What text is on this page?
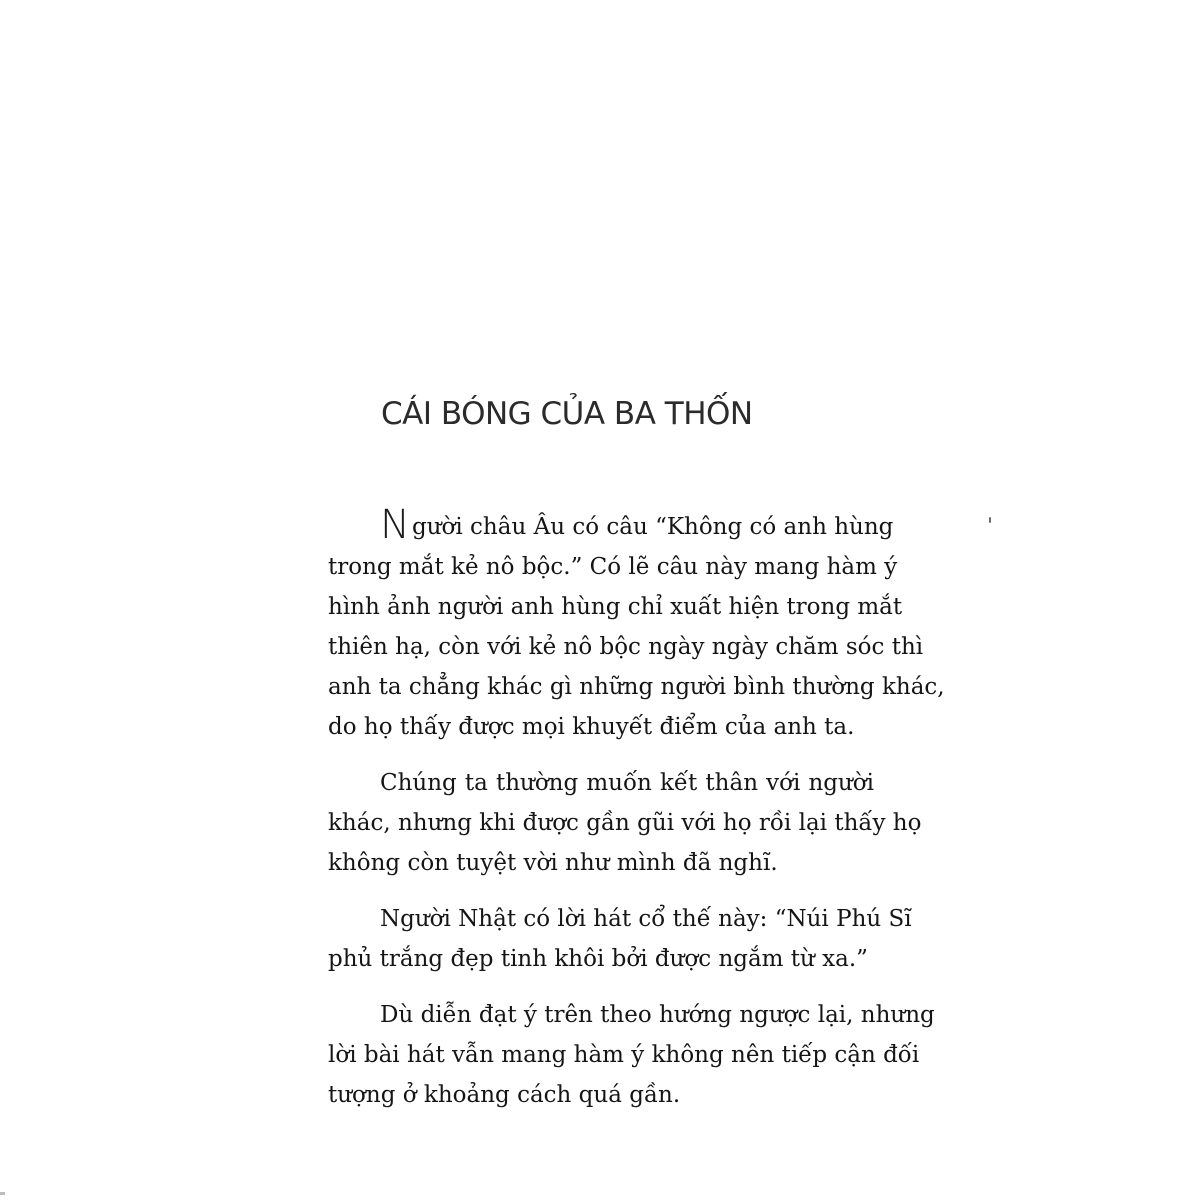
CÁI BÓNG CỦA BA THỐN
N gười châu Âu có câu “Không có anh hùng
trong mắt kẻ nô bộc.” Có lẽ câu này mang hàm ý
hình ảnh người anh hùng chỉ xuất hiện trong mắt
thiên hạ, còn với kẻ nô bộc ngày ngày chăm sóc thì
anh ta chẳng khác gì những người bình thường khác,
do họ thấy được mọi khuyết điểm của anh ta.
Chúng ta thường muốn kết thân với người
khác, nhưng khi được gần gũi với họ rồi lại thấy họ
không còn tuyệt vời như mình đã nghĩ.
Người Nhật có lời hát cổ thế này: “Núi Phú Sĩ
phủ trắng đẹp tinh khôi bởi được ngắm từ xa.”
Dù diễn đạt ý trên theo hướng ngược lại, nhưng
lời bài hát vẫn mang hàm ý không nên tiếp cận đối
tượng ở khoảng cách quá gần.
